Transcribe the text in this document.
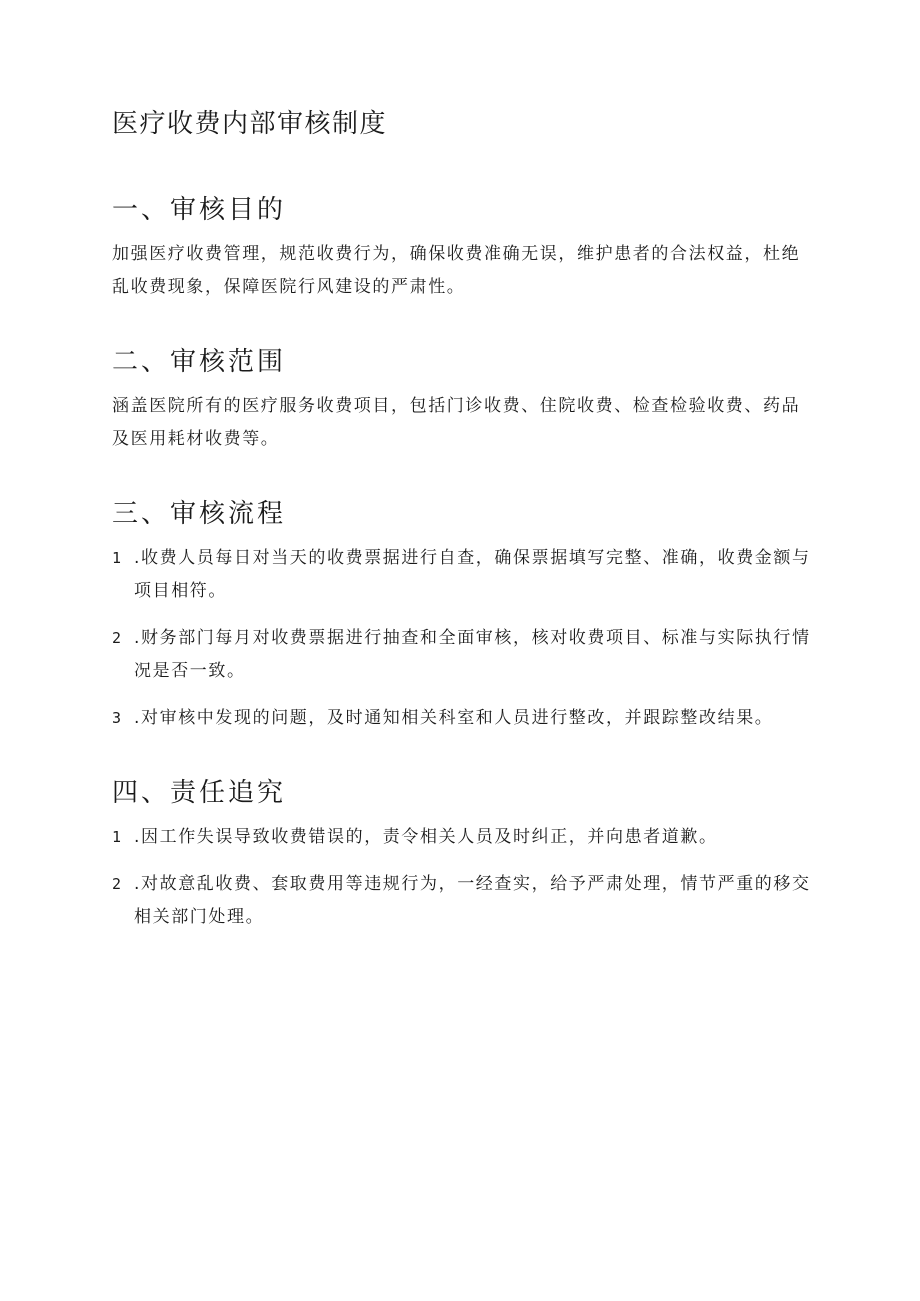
医疗收费内部审核制度
一、审核目的

加强医疗收费管理，规范收费行为，确保收费准确无误，维护患者的合法权益，杜绝乱收费现象，保障医院行风建设的严肃性。

二、审核范围

涵盖医院所有的医疗服务收费项目，包括门诊收费、住院收费、检查检验收费、药品及医用耗材收费等。

三、审核流程
1 .收费人员每日对当天的收费票据进行自查，确保票据填写完整、准确，收费金额与项目相符。
2 .财务部门每月对收费票据进行抽查和全面审核，核对收费项目、标准与实际执行情况是否一致。
3 .对审核中发现的问题，及时通知相关科室和人员进行整改，并跟踪整改结果。
四、责任追究
1 .因工作失误导致收费错误的，责令相关人员及时纠正，并向患者道歉。
2 .对故意乱收费、套取费用等违规行为，一经查实，给予严肃处理，情节严重的移交相关部门处理。
